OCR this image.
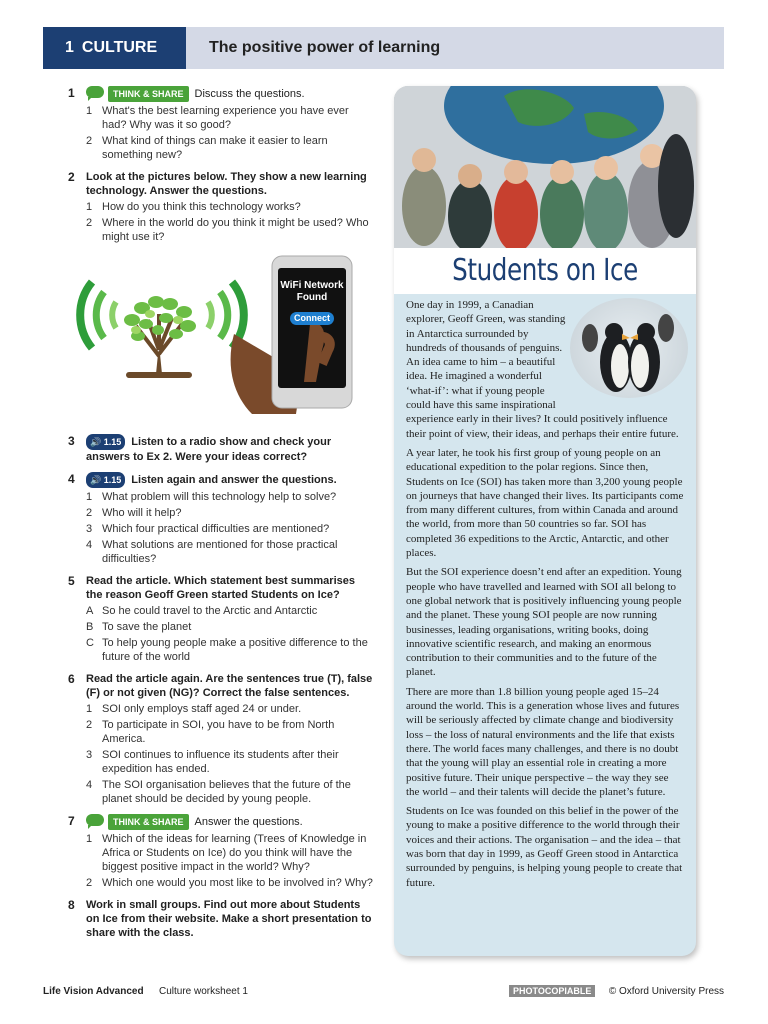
1 CULTURE	The positive power of learning
1	THINK & SHARE Discuss the questions.
1 What's the best learning experience you have ever had? Why was it so good?
2 What kind of things can make it easier to learn something new?
2 Look at the pictures below. They show a new learning technology. Answer the questions.
1 How do you think this technology works?
2 Where in the world do you think it might be used? Who might use it?
WiFi Network
Found
Connect
3	🔊 1.15 Listen to a radio show and check your answers to Ex 2. Were your ideas correct?
4	🔊 1.15 Listen again and answer the questions.
1 What problem will this technology help to solve?
2 Who will it help?
3 Which four practical difficulties are mentioned?
4 What solutions are mentioned for those practical difficulties?
5 Read the article. Which statement best summarises the reason Geoff Green started Students on Ice?
A So he could travel to the Arctic and Antarctic
B To save the planet
C To help young people make a positive difference to the future of the world
6 Read the article again. Are the sentences true (T), false (F) or not given (NG)? Correct the false sentences.
1 SOI only employs staff aged 24 or under.
2 To participate in SOI, you have to be from North America.
3 SOI continues to influence its students after their expedition has ended.
4 The SOI organisation believes that the future of the planet should be decided by young people.
7	THINK & SHARE Answer the questions.
1 Which of the ideas for learning (Trees of Knowledge in Africa or Students on Ice) do you think will have the biggest positive impact in the world? Why?
2 Which one would you most like to be involved in? Why?
8 Work in small groups. Find out more about Students on Ice from their website. Make a short presentation to share with the class.
Students on Ice

One day in 1999, a Canadian explorer, Geoff Green, was standing in Antarctica surrounded by hundreds of thousands of penguins. An idea came to him – a beautiful idea. He imagined a wonderful ‘what-if’: what if young people could have this same inspirational experience early in their lives? It could positively influence their point of view, their ideas, and perhaps their entire future.

A year later, he took his first group of young people on an educational expedition to the polar regions. Since then, Students on Ice (SOI) has taken more than 3,200 young people on journeys that have changed their lives. Its participants come from many different cultures, from within Canada and around the world, from more than 50 countries so far. SOI has completed 36 expeditions to the Arctic, Antarctic, and other places.

But the SOI experience doesn’t end after an expedition. Young people who have travelled and learned with SOI all belong to one global network that is positively influencing young people and the planet. These young SOI people are now running businesses, leading organisations, writing books, doing innovative scientific research, and making an enormous contribution to their communities and to the future of the planet.

There are more than 1.8 billion young people aged 15–24 around the world. This is a generation whose lives and futures will be seriously affected by climate change and biodiversity loss – the loss of natural environments and the life that exists there. The world faces many challenges, and there is no doubt that the young will play an essential role in creating a more positive future. Their unique perspective – the way they see the world – and their talents will decide the planet’s future.

Students on Ice was founded on this belief in the power of the young to make a positive difference to the world through their voices and their actions. The organisation – and the idea – that was born that day in 1999, as Geoff Green stood in Antarctica surrounded by penguins, is helping young people to create that future.

Life Vision Advanced Culture worksheet 1	PHOTOCOPIABLE	© Oxford University Press
